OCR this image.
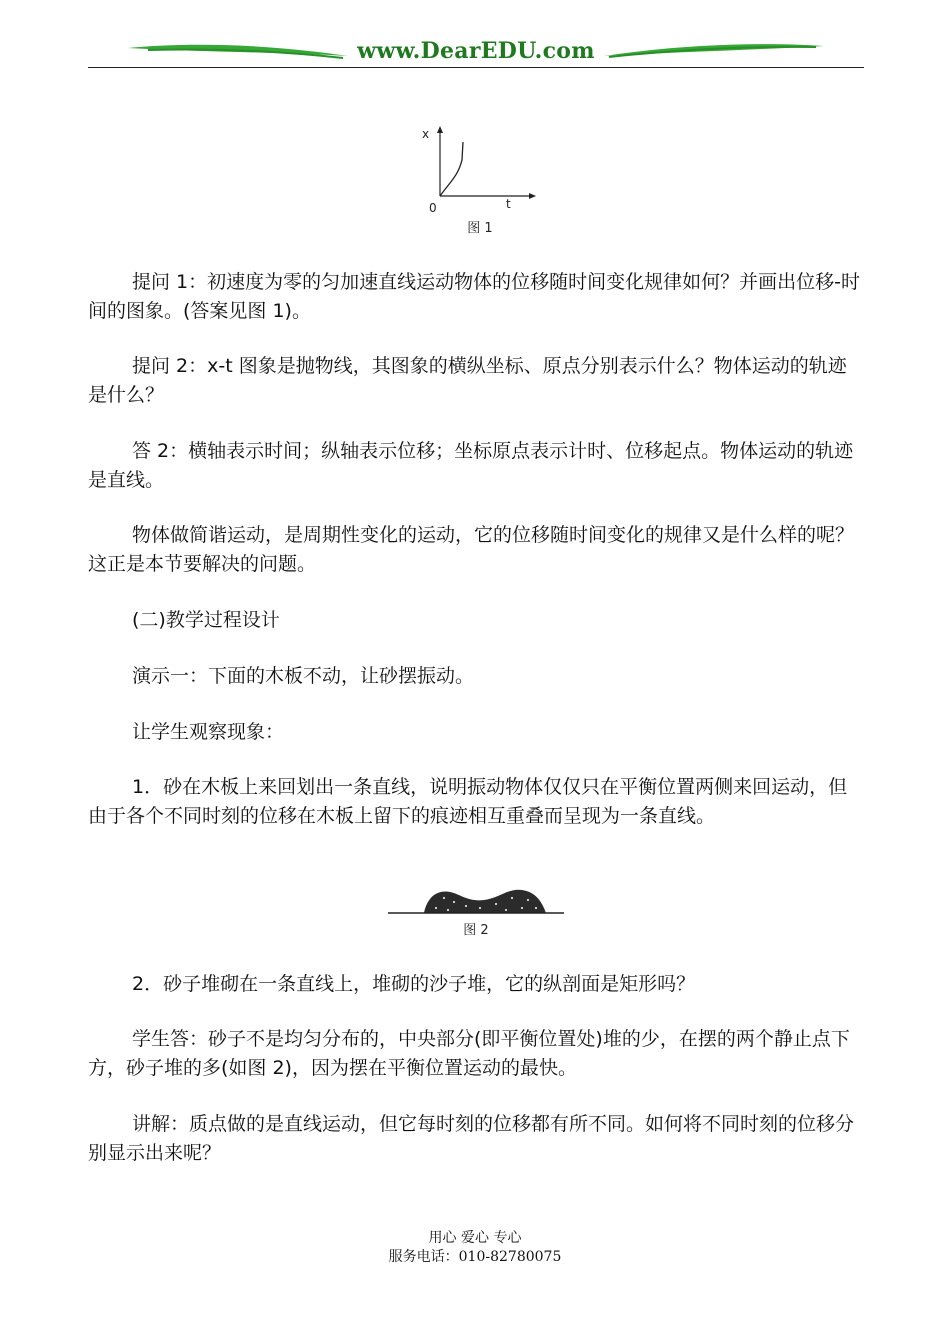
www.DearEDU.com
x
t
0
图 1

提问 1：初速度为零的匀加速直线运动物体的位移随时间变化规律如何？并画出位移-时间的图象。(答案见图 1)。

提问 2：x-t 图象是抛物线，其图象的横纵坐标、原点分别表示什么？物体运动的轨迹是什么？

答 2：横轴表示时间；纵轴表示位移；坐标原点表示计时、位移起点。物体运动的轨迹是直线。

物体做简谐运动，是周期性变化的运动，它的位移随时间变化的规律又是什么样的呢？这正是本节要解决的问题。

(二)教学过程设计

演示一：下面的木板不动，让砂摆振动。

让学生观察现象：

1．砂在木板上来回划出一条直线，说明振动物体仅仅只在平衡位置两侧来回运动，但由于各个不同时刻的位移在木板上留下的痕迹相互重叠而呈现为一条直线。

图 2

2．砂子堆砌在一条直线上，堆砌的沙子堆，它的纵剖面是矩形吗？

学生答：砂子不是均匀分布的，中央部分(即平衡位置处)堆的少，在摆的两个静止点下方，砂子堆的多(如图 2)，因为摆在平衡位置运动的最快。

讲解：质点做的是直线运动，但它每时刻的位移都有所不同。如何将不同时刻的位移分别显示出来呢？

用心 爱心 专心
服务电话：010-82780075
